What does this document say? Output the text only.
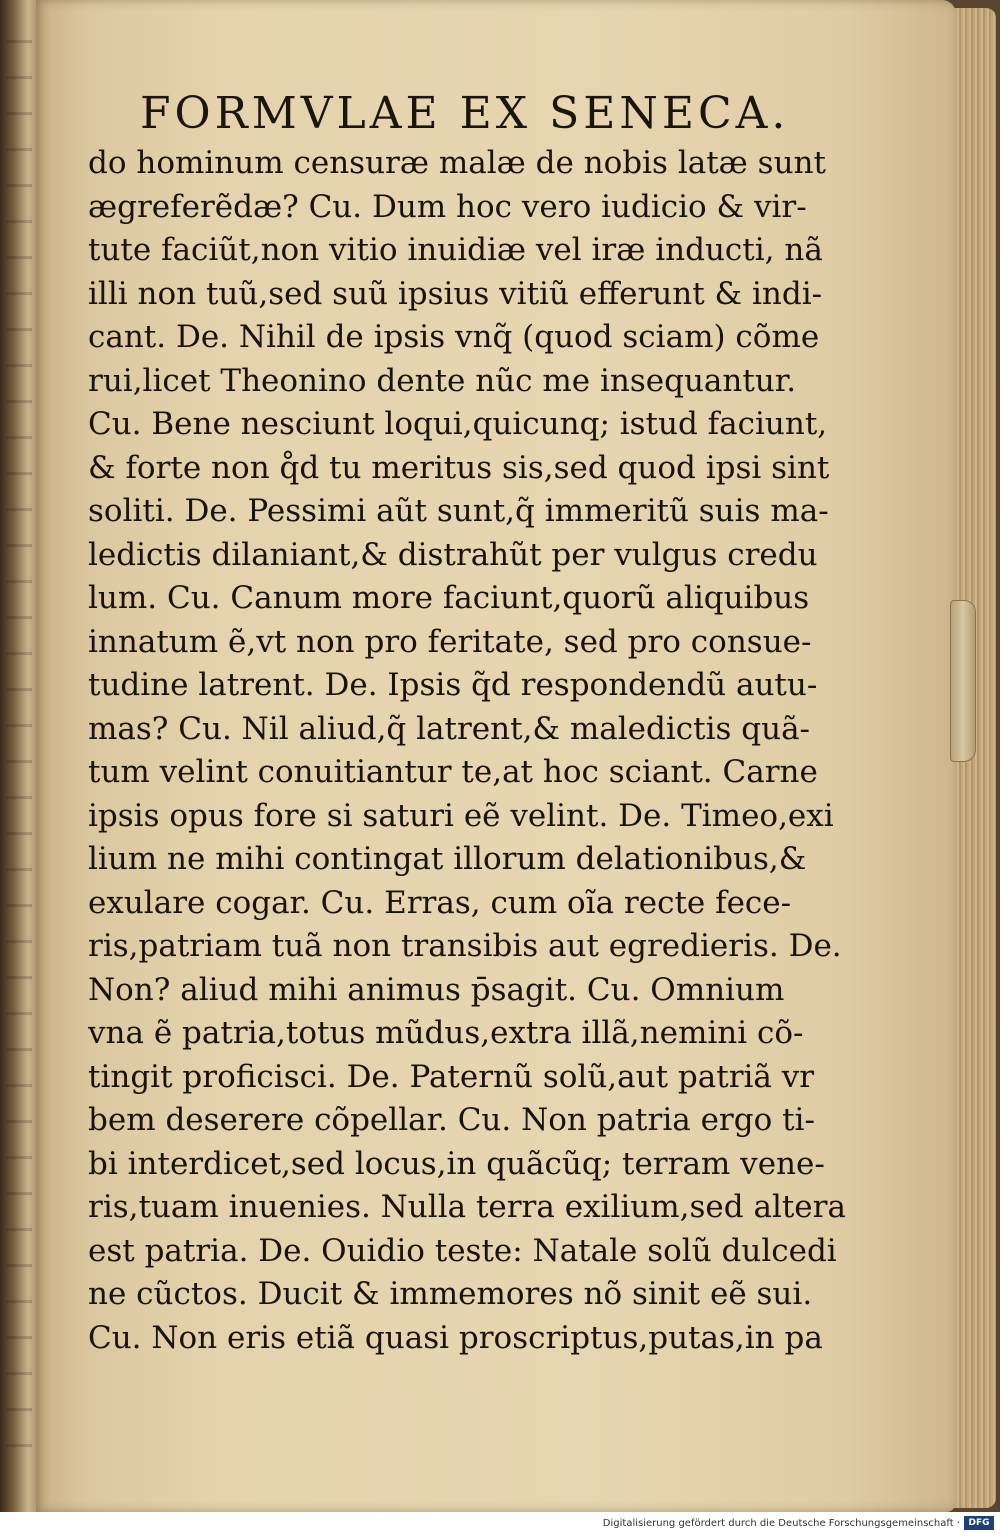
FORMVLAE EX SENECA.
do hominum censuræ malæ de nobis latæ sunt
ægreferẽdæ? Cu. Dum hoc vero iudicio & vir-
tute faciũt,non vitio inuidiæ vel iræ inducti, nã
illi non tuũ,sed suũ ipsius vitiũ efferunt & indi-
cant. De. Nihil de ipsis vnq̃ (quod sciam) cõme
rui,licet Theonino dente nũc me insequantur.
Cu. Bene nesciunt loqui,quicunq; istud faciunt,
& forte non q̊d tu meritus sis,sed quod ipsi sint
soliti. De. Pessimi aũt sunt,q̃ immeritũ suis ma-
ledictis dilaniant,& distrahũt per vulgus credu
lum. Cu. Canum more faciunt,quorũ aliquibus
innatum ẽ,vt non pro feritate, sed pro consue-
tudine latrent. De. Ipsis q̃d respondendũ autu-
mas? Cu. Nil aliud,q̃ latrent,& maledictis quã-
tum velint conuitiantur te,at hoc sciant. Carne
ipsis opus fore si saturi eẽ velint. De. Timeo,exi
lium ne mihi contingat illorum delationibus,&
exulare cogar. Cu. Erras, cum oĩa recte fece-
ris,patriam tuã non transibis aut egredieris. De.
Non? aliud mihi animus p̄sagit. Cu. Omnium
vna ẽ patria,totus mũdus,extra illã,nemini cõ-
tingit proficisci. De. Paternũ solũ,aut patriã vr
bem deserere cõpellar. Cu. Non patria ergo ti-
bi interdicet,sed locus,in quãcũq; terram vene-
ris,tuam inuenies. Nulla terra exilium,sed altera
est patria. De. Ouidio teste: Natale solũ dulcedi
ne cũctos. Ducit & immemores nõ sinit eẽ sui.
Cu. Non eris etiã quasi proscriptus,putas,in pa
Digitalisierung gefördert durch die Deutsche Forschungsgemeinschaft · DFG
